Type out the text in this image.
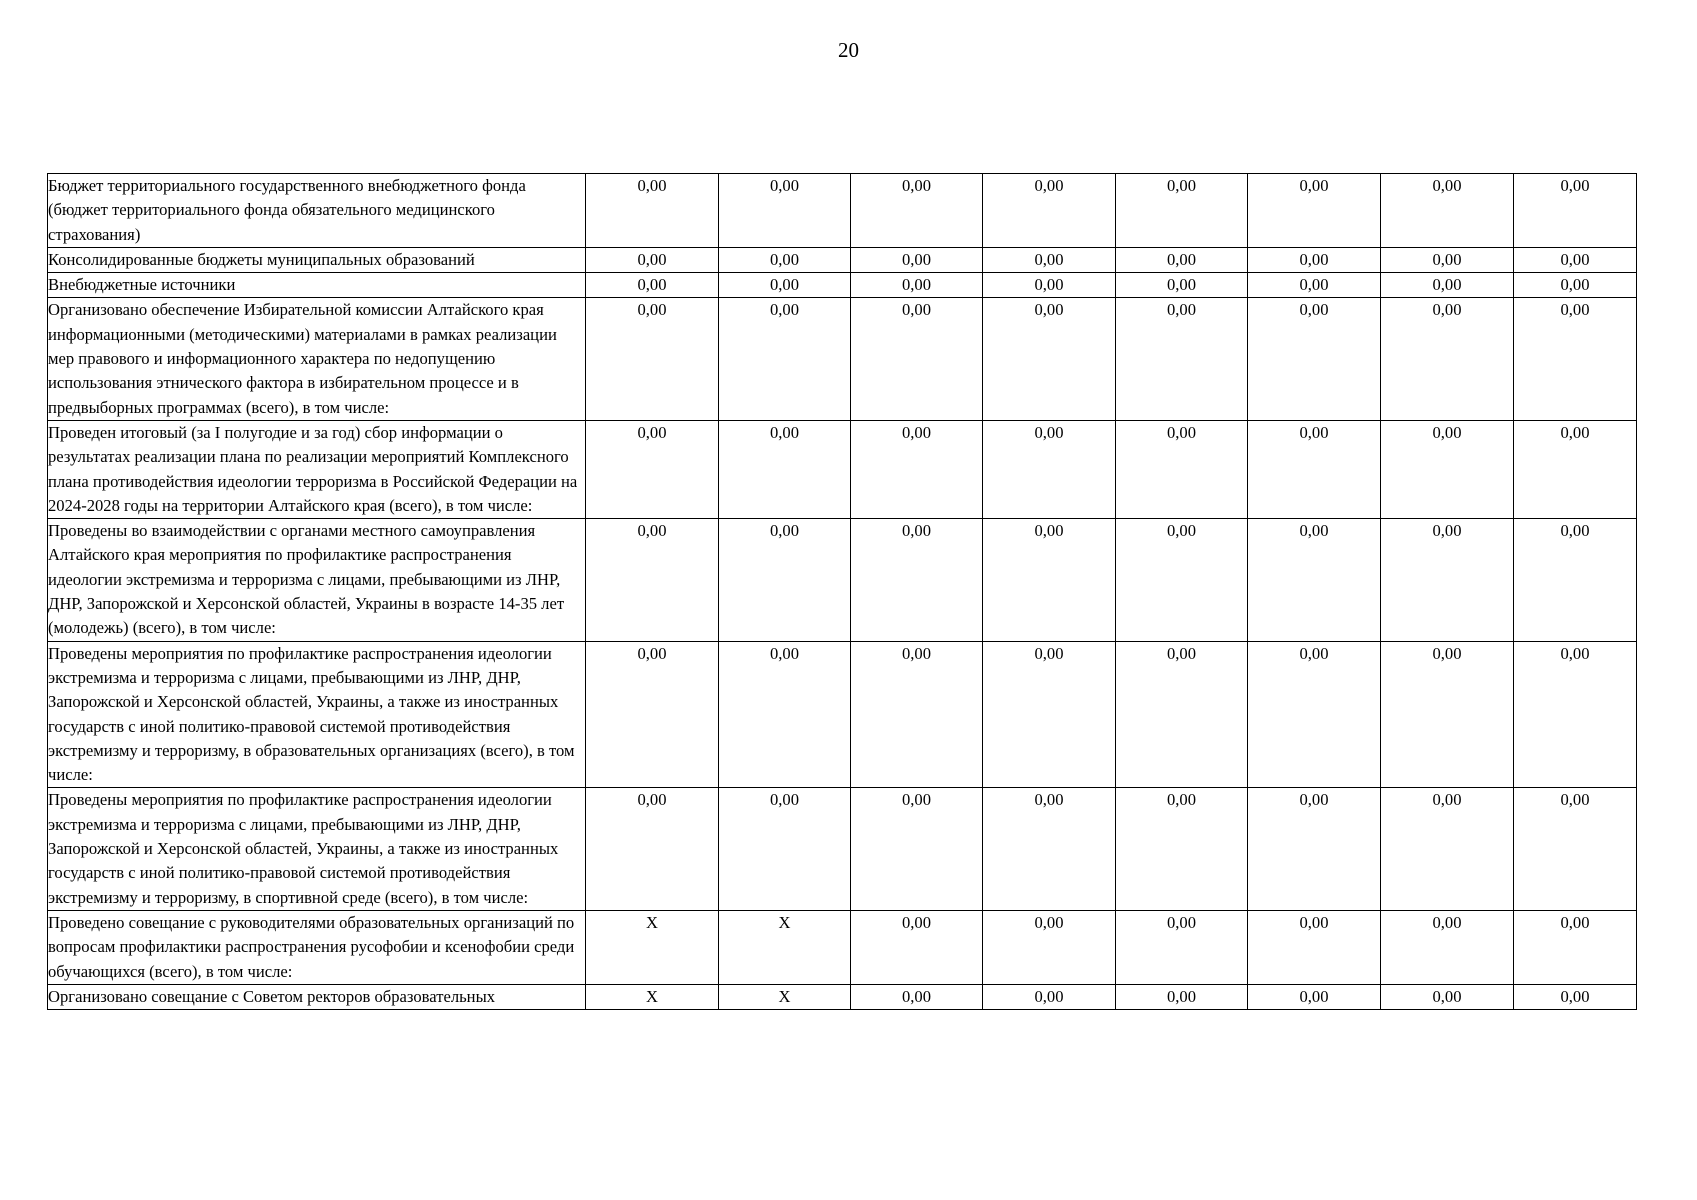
20
Бюджет территориального государственного внебюджетного фонда (бюджет территориального фонда обязательного медицинского страхования)	0,00	0,00	0,00	0,00	0,00	0,00	0,00	0,00
Консолидированные бюджеты муниципальных образований	0,00	0,00	0,00	0,00	0,00	0,00	0,00	0,00
Внебюджетные источники	0,00	0,00	0,00	0,00	0,00	0,00	0,00	0,00
Организовано обеспечение Избирательной комиссии Алтайского края информационными (методическими) материалами в рамках реализации мер правового и информационного характера по недопущению использования этнического фактора в избирательном процессе и в предвыборных программах (всего), в том числе:	0,00	0,00	0,00	0,00	0,00	0,00	0,00	0,00
Проведен итоговый (за I полугодие и за год) сбор информации о результатах реализации плана по реализации мероприятий Комплексного плана противодействия идеологии терроризма в Российской Федерации на 2024-2028 годы на территории Алтайского края (всего), в том числе:	0,00	0,00	0,00	0,00	0,00	0,00	0,00	0,00
Проведены во взаимодействии с органами местного самоуправления Алтайского края мероприятия по профилактике распространения идеологии экстремизма и терроризма с лицами, пребывающими из ЛНР, ДНР, Запорожской и Херсонской областей, Украины в возрасте 14-35 лет (молодежь) (всего), в том числе:	0,00	0,00	0,00	0,00	0,00	0,00	0,00	0,00
Проведены мероприятия по профилактике распространения идеологии экстремизма и терроризма с лицами, пребывающими из ЛНР, ДНР, Запорожской и Херсонской областей, Украины, а также из иностранных государств с иной политико-правовой системой противодействия экстремизму и терроризму, в образовательных организациях (всего), в том числе:	0,00	0,00	0,00	0,00	0,00	0,00	0,00	0,00
Проведены мероприятия по профилактике распространения идеологии экстремизма и терроризма с лицами, пребывающими из ЛНР, ДНР, Запорожской и Херсонской областей, Украины, а также из иностранных государств с иной политико-правовой системой противодействия экстремизму и терроризму, в спортивной среде (всего), в том числе:	0,00	0,00	0,00	0,00	0,00	0,00	0,00	0,00
Проведено совещание с руководителями образовательных организаций по вопросам профилактики распространения русофобии и ксенофобии среди обучающихся (всего), в том числе:	Х	Х	0,00	0,00	0,00	0,00	0,00	0,00
Организовано совещание с Советом ректоров образовательных	Х	Х	0,00	0,00	0,00	0,00	0,00	0,00
